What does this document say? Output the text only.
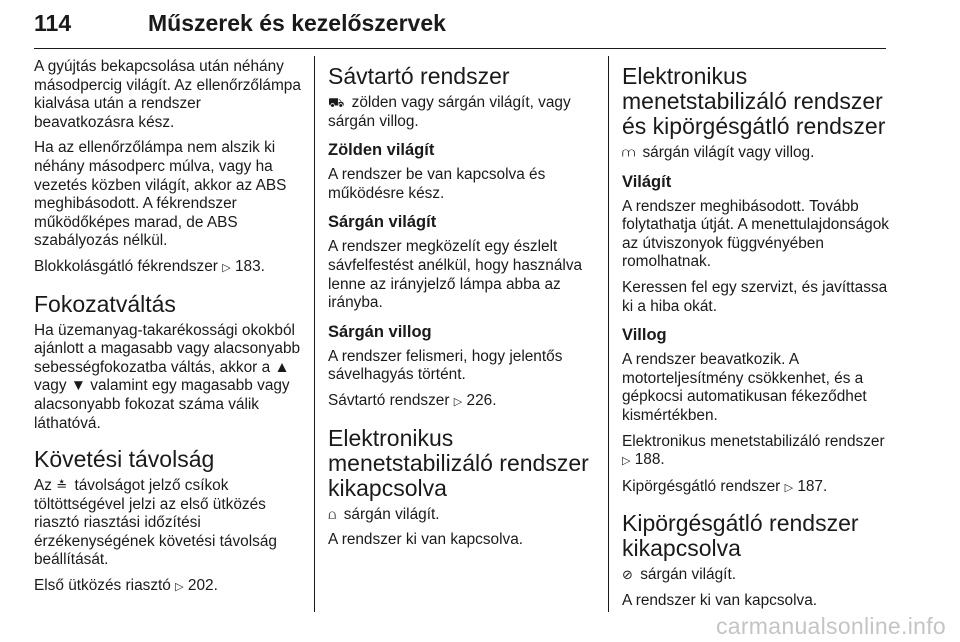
114	Műszerek és kezelőszervek

A gyújtás bekapcsolása után néhány másodpercig világít. Az ellenőrzőlámpa kialvása után a rendszer beavatkozásra kész.

Ha az ellenőrzőlámpa nem alszik ki néhány másodperc múlva, vagy ha vezetés közben világít, akkor az ABS meghibásodott. A fékrendszer működőképes marad, de ABS szabályozás nélkül.

Blokkolásgátló fékrendszer ▷ 183.

Fokozatváltás

Ha üzemanyag-takarékossági okokból ajánlott a magasabb vagy alacsonyabb sebességfokozatba váltás, akkor a ▲ vagy ▼ valamint egy magasabb vagy alacsonyabb fokozat száma válik láthatóvá.

Követési távolság

Az ≛ távolságot jelző csíkok töltöttségével jelzi az első ütközés riasztó riasztási időzítési érzékenységének követési távolság beállítását.

Első ütközés riasztó ▷ 202.

Sávtartó rendszer

⛟ zölden vagy sárgán világít, vagy sárgán villog.

Zölden világít

A rendszer be van kapcsolva és működésre kész.

Sárgán világít

A rendszer megközelít egy észlelt sávfelfestést anélkül, hogy használva lenne az irányjelző lámpa abba az irányba.

Sárgán villog

A rendszer felismeri, hogy jelentős sávelhagyás történt.

Sávtartó rendszer ▷ 226.

Elektronikus menetstabilizáló rendszer kikapcsolva

⩍ sárgán világít.

A rendszer ki van kapcsolva.

Elektronikus menetstabilizáló rendszer és kipörgésgátló rendszer

⩋ sárgán világít vagy villog.

Világít

A rendszer meghibásodott. Tovább folytathatja útját. A menettulajdonságok az útviszonyok függvényében romolhatnak.

Keressen fel egy szervizt, és javíttassa ki a hiba okát.

Villog

A rendszer beavatkozik. A motorteljesítmény csökkenhet, és a gépkocsi automatikusan fékeződhet kismértékben.

Elektronikus menetstabilizáló rendszer ▷ 188.

Kipörgésgátló rendszer ▷ 187.

Kipörgésgátló rendszer kikapcsolva

⊘ sárgán világít.

A rendszer ki van kapcsolva.

carmanualsonline.info
